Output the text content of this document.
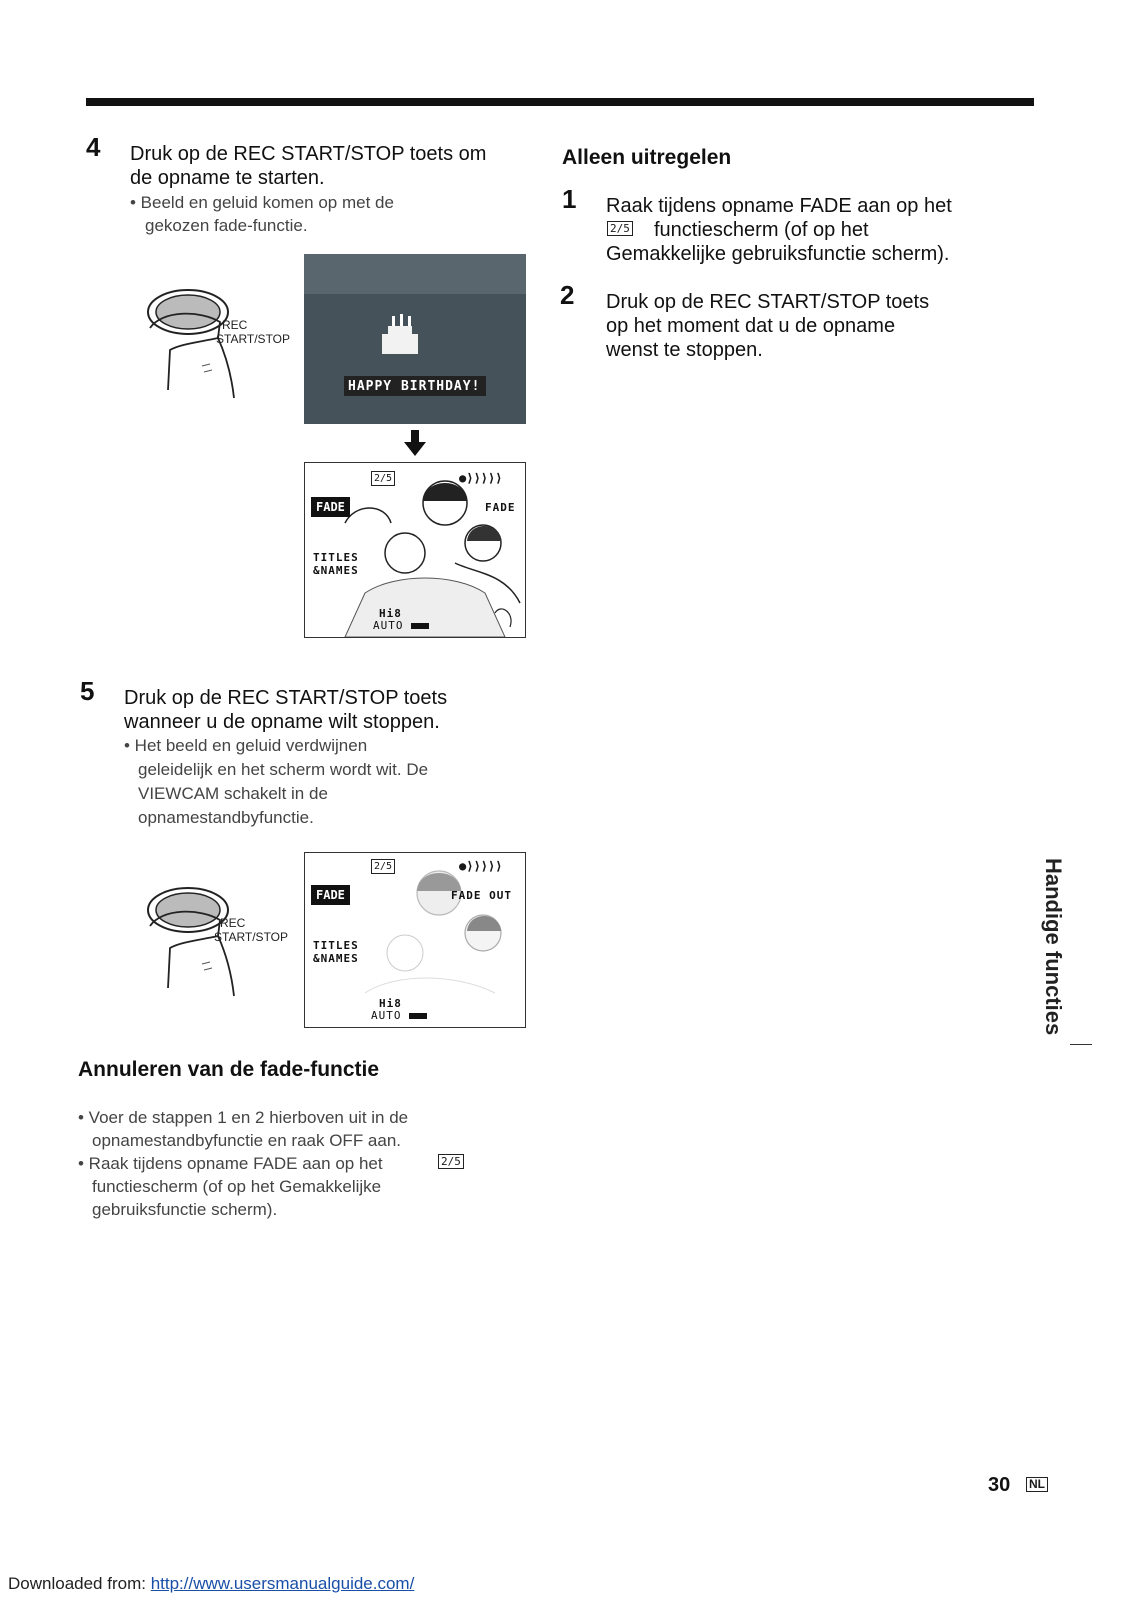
4 Druk op de REC START/STOP toets om
de opname te starten.
• Beeld en geluid komen op met de
gekozen fade-functie.
REC
START/STOP
HAPPY BIRTHDAY!
2/5	●⟩⟩⟩⟩⟩
FADE	FADE
TITLES
&NAMES
Hi8
AUTO
5 Druk op de REC START/STOP toets
wanneer u de opname wilt stoppen.
• Het beeld en geluid verdwijnen
geleidelijk en het scherm wordt wit. De
VIEWCAM schakelt in de
opnamestandbyfunctie.
REC
START/STOP
2/5	●⟩⟩⟩⟩⟩
FADE	FADE OUT
TITLES
&NAMES
Hi8
AUTO
Annuleren van de fade-functie
• Voer de stappen 1 en 2 hierboven uit in de
opnamestandbyfunctie en raak OFF aan.
• Raak tijdens opname FADE aan op het	2/5
functiescherm (of op het Gemakkelijke
gebruiksfunctie scherm).
Alleen uitregelen
1 Raak tijdens opname FADE aan op het
2/5 functiescherm (of op het
Gemakkelijke gebruiksfunctie scherm).
2 Druk op de REC START/STOP toets
op het moment dat u de opname
wenst te stoppen.
Handige functies
30 NL
Downloaded from: http://www.usersmanualguide.com/
